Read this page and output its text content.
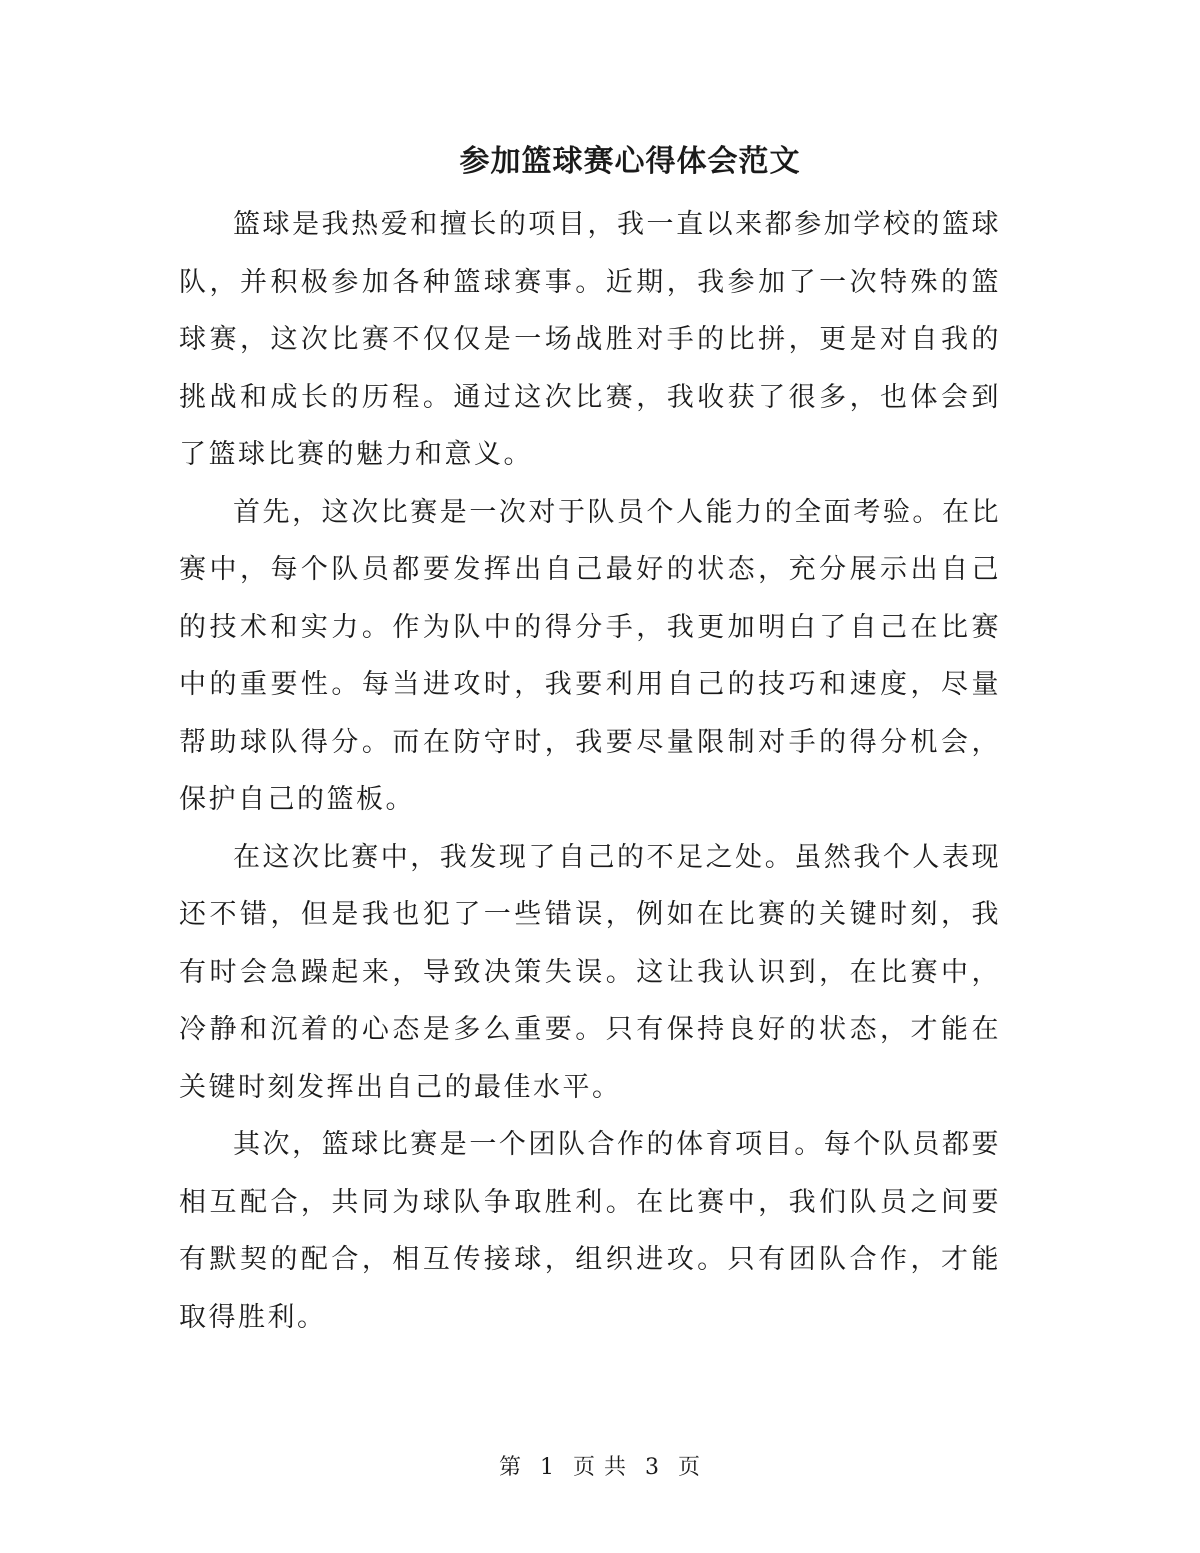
参加篮球赛心得体会范文

篮球是我热爱和擅长的项目，我一直以来都参加学校的篮球队，并积极参加各种篮球赛事。近期，我参加了一次特殊的篮球赛，这次比赛不仅仅是一场战胜对手的比拼，更是对自我的挑战和成长的历程。通过这次比赛，我收获了很多，也体会到了篮球比赛的魅力和意义。

首先，这次比赛是一次对于队员个人能力的全面考验。在比赛中，每个队员都要发挥出自己最好的状态，充分展示出自己的技术和实力。作为队中的得分手，我更加明白了自己在比赛中的重要性。每当进攻时，我要利用自己的技巧和速度，尽量帮助球队得分。而在防守时，我要尽量限制对手的得分机会，保护自己的篮板。

在这次比赛中，我发现了自己的不足之处。虽然我个人表现还不错，但是我也犯了一些错误，例如在比赛的关键时刻，我有时会急躁起来，导致决策失误。这让我认识到，在比赛中，冷静和沉着的心态是多么重要。只有保持良好的状态，才能在关键时刻发挥出自己的最佳水平。

其次，篮球比赛是一个团队合作的体育项目。每个队员都要相互配合，共同为球队争取胜利。在比赛中，我们队员之间要有默契的配合，相互传接球，组织进攻。只有团队合作，才能取得胜利。

第 1 页 共 3 页
